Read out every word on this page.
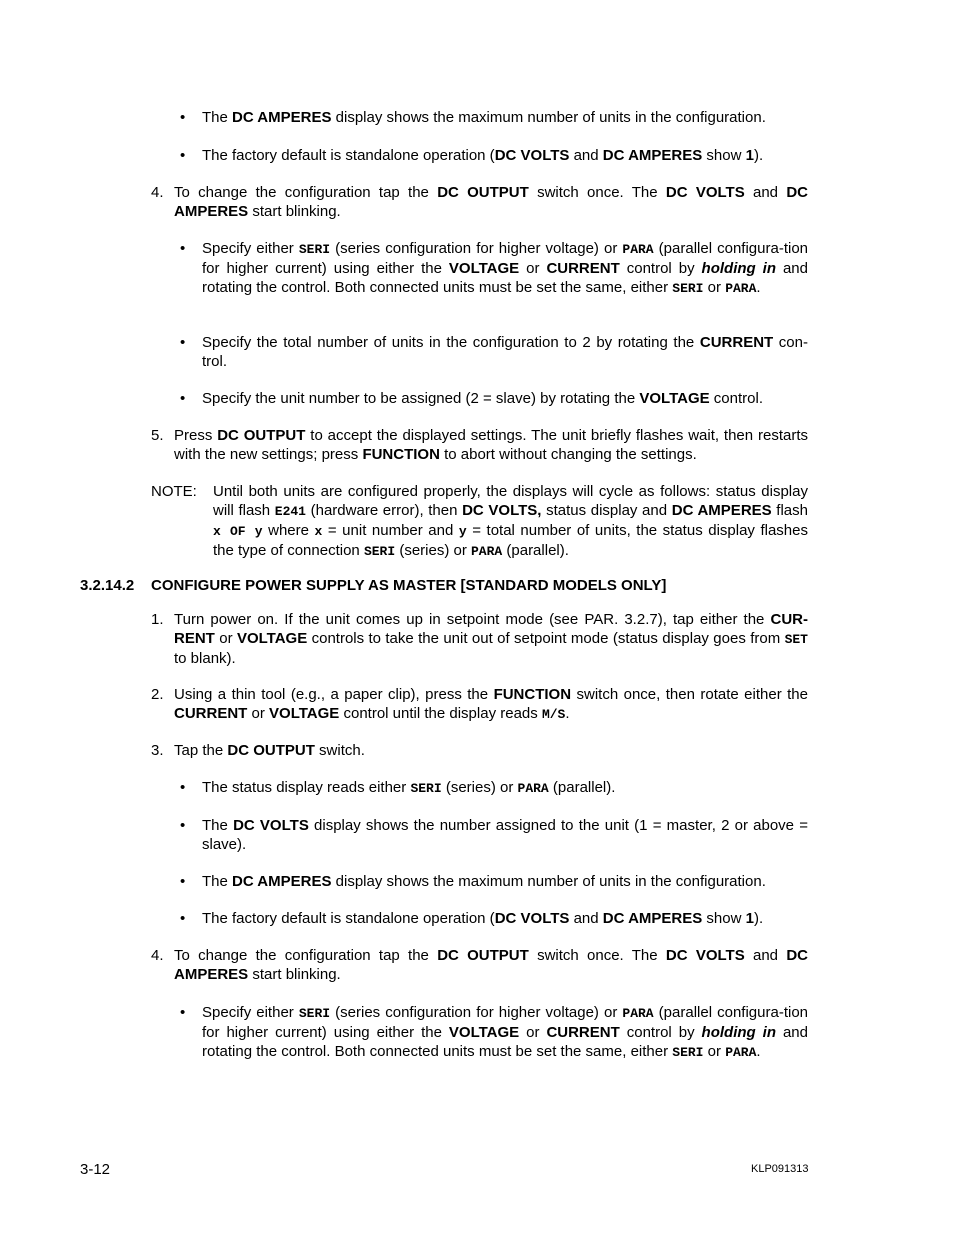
• The DC AMPERES display shows the maximum number of units in the configuration.
• The factory default is standalone operation (DC VOLTS and DC AMPERES show 1).
4. To change the configuration tap the DC OUTPUT switch once. The DC VOLTS and DC AMPERES start blinking.
• Specify either SERI (series configuration for higher voltage) or PARA (parallel configura-tion for higher current) using either the VOLTAGE or CURRENT control by holding in and rotating the control. Both connected units must be set the same, either SERI or PARA.
• Specify the total number of units in the configuration to 2 by rotating the CURRENT con-trol.
• Specify the unit number to be assigned (2 = slave) by rotating the VOLTAGE control.
5. Press DC OUTPUT to accept the displayed settings. The unit briefly flashes wait, then restarts with the new settings; press FUNCTION to abort without changing the settings.
NOTE: Until both units are configured properly, the displays will cycle as follows: status display will flash E241 (hardware error), then DC VOLTS, status display and DC AMPERES flash x OF y where x = unit number and y = total number of units, the status display flashes the type of connection SERI (series) or PARA (parallel).
3.2.14.2 CONFIGURE POWER SUPPLY AS MASTER [STANDARD MODELS ONLY]
1. Turn power on. If the unit comes up in setpoint mode (see PAR. 3.2.7), tap either the CUR-RENT or VOLTAGE controls to take the unit out of setpoint mode (status display goes from SET to blank).
2. Using a thin tool (e.g., a paper clip), press the FUNCTION switch once, then rotate either the CURRENT or VOLTAGE control until the display reads M/S.
3. Tap the DC OUTPUT switch.
• The status display reads either SERI (series) or PARA (parallel).
• The DC VOLTS display shows the number assigned to the unit (1 = master, 2 or above = slave).
• The DC AMPERES display shows the maximum number of units in the configuration.
• The factory default is standalone operation (DC VOLTS and DC AMPERES show 1).
4. To change the configuration tap the DC OUTPUT switch once. The DC VOLTS and DC AMPERES start blinking.
• Specify either SERI (series configuration for higher voltage) or PARA (parallel configura-tion for higher current) using either the VOLTAGE or CURRENT control by holding in and rotating the control. Both connected units must be set the same, either SERI or PARA.
3-12	KLP091313
